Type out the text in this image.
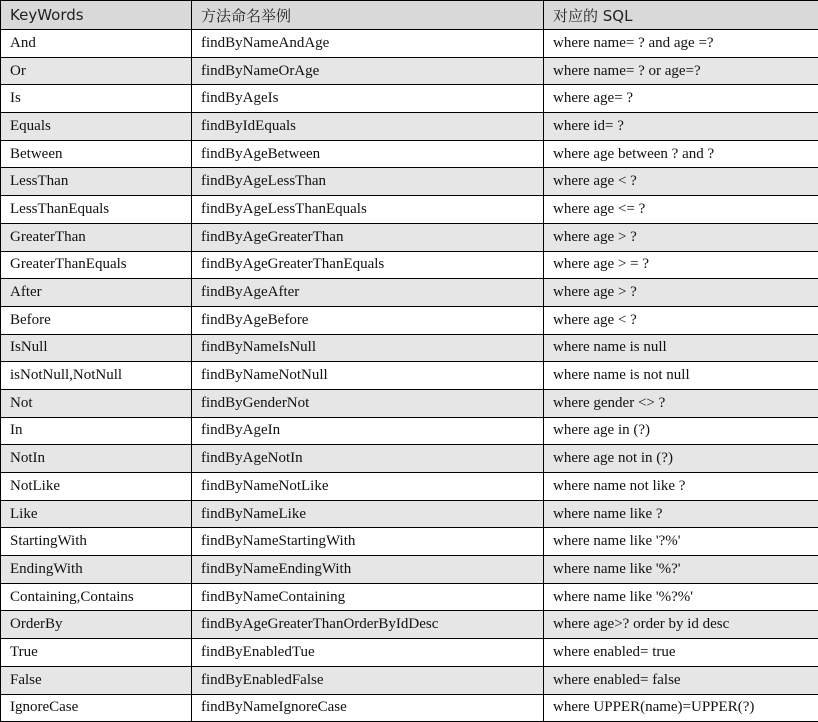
KeyWords	方法命名举例	对应的 SQL
And	findByNameAndAge	where name= ? and age =?
Or	findByNameOrAge	where name= ? or age=?
Is	findByAgeIs	where age= ?
Equals	findByIdEquals	where id= ?
Between	findByAgeBetween	where age between ? and ?
LessThan	findByAgeLessThan	where age < ?
LessThanEquals	findByAgeLessThanEquals	where age <= ?
GreaterThan	findByAgeGreaterThan	where age > ?
GreaterThanEquals	findByAgeGreaterThanEquals	where age > = ?
After	findByAgeAfter	where age > ?
Before	findByAgeBefore	where age < ?
IsNull	findByNameIsNull	where name is null
isNotNull,NotNull	findByNameNotNull	where name is not null
Not	findByGenderNot	where gender <> ?
In	findByAgeIn	where age in (?)
NotIn	findByAgeNotIn	where age not in (?)
NotLike	findByNameNotLike	where name not like ?
Like	findByNameLike	where name like ?
StartingWith	findByNameStartingWith	where name like '?%'
EndingWith	findByNameEndingWith	where name like '%?'
Containing,Contains	findByNameContaining	where name like '%?%'
OrderBy	findByAgeGreaterThanOrderByIdDesc	where age>? order by id desc
True	findByEnabledTue	where enabled= true
False	findByEnabledFalse	where enabled= false
IgnoreCase	findByNameIgnoreCase	where UPPER(name)=UPPER(?)
